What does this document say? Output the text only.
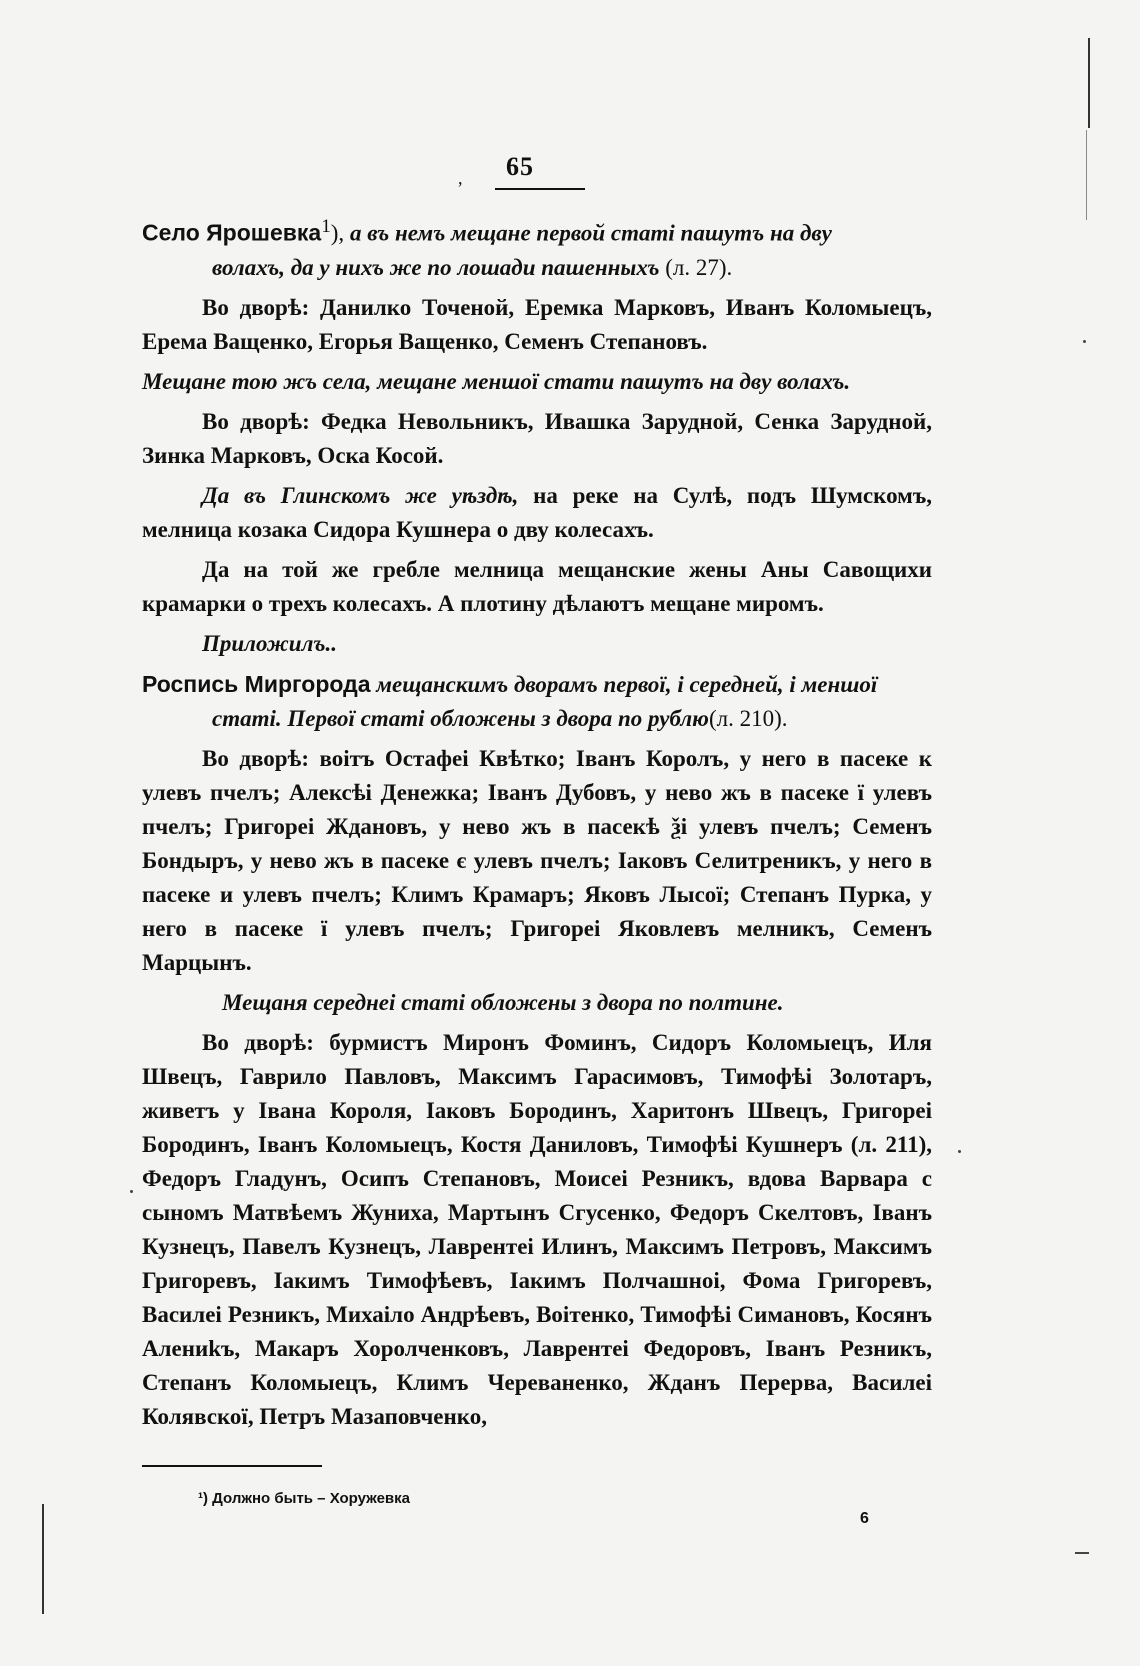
, 65

Село Ярошевка$^1$), а въ немъ мещане первой статі пашутъ на дву
волахъ, да у нихъ же по лошади пашенныхъ (л. 27).

Во дворѣ: Данилко Точеной, Еремка Марковъ, Иванъ Коломыецъ, Ерема Ващенко, Егорья Ващенко, Семенъ Степановъ.

Мещане тою жъ села, мещане меншої стати пашутъ на дву волахъ.

Во дворѣ: Федка Невольникъ, Ивашка Зарудной, Сенка Зарудной, Зинка Марковъ, Оска Косой.

Да въ Глинскомъ же уѣздѣ, на реке на Сулѣ, подъ Шумскомъ, мелница козака Сидора Кушнера о дву колесахъ.

Да на той же гребле мелница мещанские жены Аны Савощихи крамарки о трехъ колесахъ. А плотину дѣлаютъ мещане миромъ.

Приложилъ..

Роспись Миргорода мещанскимъ дворамъ первої, і середней, і меншої
статі. Первої статі обложены з двора по рублю(л. 210).

Во дворѣ: воітъ Остафеі Квѣтко; Іванъ Королъ, у него в пасеке к улевъ пчелъ; Алексѣі Денежка; Іванъ Дубовъ, у нево жъ в пасеке ї улевъ пчелъ; Григореі Ждановъ, у нево жъ в пасекѣ ѯі улевъ пчелъ; Семенъ Бондыръ, у нево жъ в пасеке є улевъ пчелъ; Іаковъ Селитреникъ, у него в пасеке и улевъ пчелъ; Климъ Крамаръ; Яковъ Лысої; Степанъ Пурка, у него в пасеке ї улевъ пчелъ; Григореі Яковлевъ мелникъ, Семенъ Марцынъ.

Мещаня середнеі статі обложены з двора по полтине.

Во дворѣ: бурмистъ Миронъ Фоминъ, Сидоръ Коломыецъ, Иля Швецъ, Гаврило Павловъ, Максимъ Гарасимовъ, Тимофѣі Золотаръ, живетъ у Івана Короля, Іаковъ Бородинъ, Харитонъ Швецъ, Григореі Бородинъ, Іванъ Коломыецъ, Костя Даниловъ, Тимофѣі Кушнеръ (л. 211), Федоръ Гладунъ, Осипъ Степановъ, Моисеі Резникъ, вдова Варвара с сыномъ Матвѣемъ Жуниха, Мартынъ Сгусенко, Федоръ Скелтовъ, Іванъ Кузнецъ, Павелъ Кузнецъ, Лаврентеі Илинъ, Максимъ Петровъ, Максимъ Григоревъ, Іакимъ Тимофѣевъ, Іакимъ Полчашноі, Фома Григоревъ, Василеі Резникъ, Михаіло Андрѣевъ, Воітенко, Тимофѣі Симановъ, Косянъ Алениkъ, Макаръ Хоролченковъ, Лаврентеі Федоровъ, Іванъ Резникъ, Степанъ Коломыецъ, Климъ Череваненко, Жданъ Перерва, Василеі Колявскої, Петръ Мазаповченко,

¹) Должно быть – Хоружевка
6
